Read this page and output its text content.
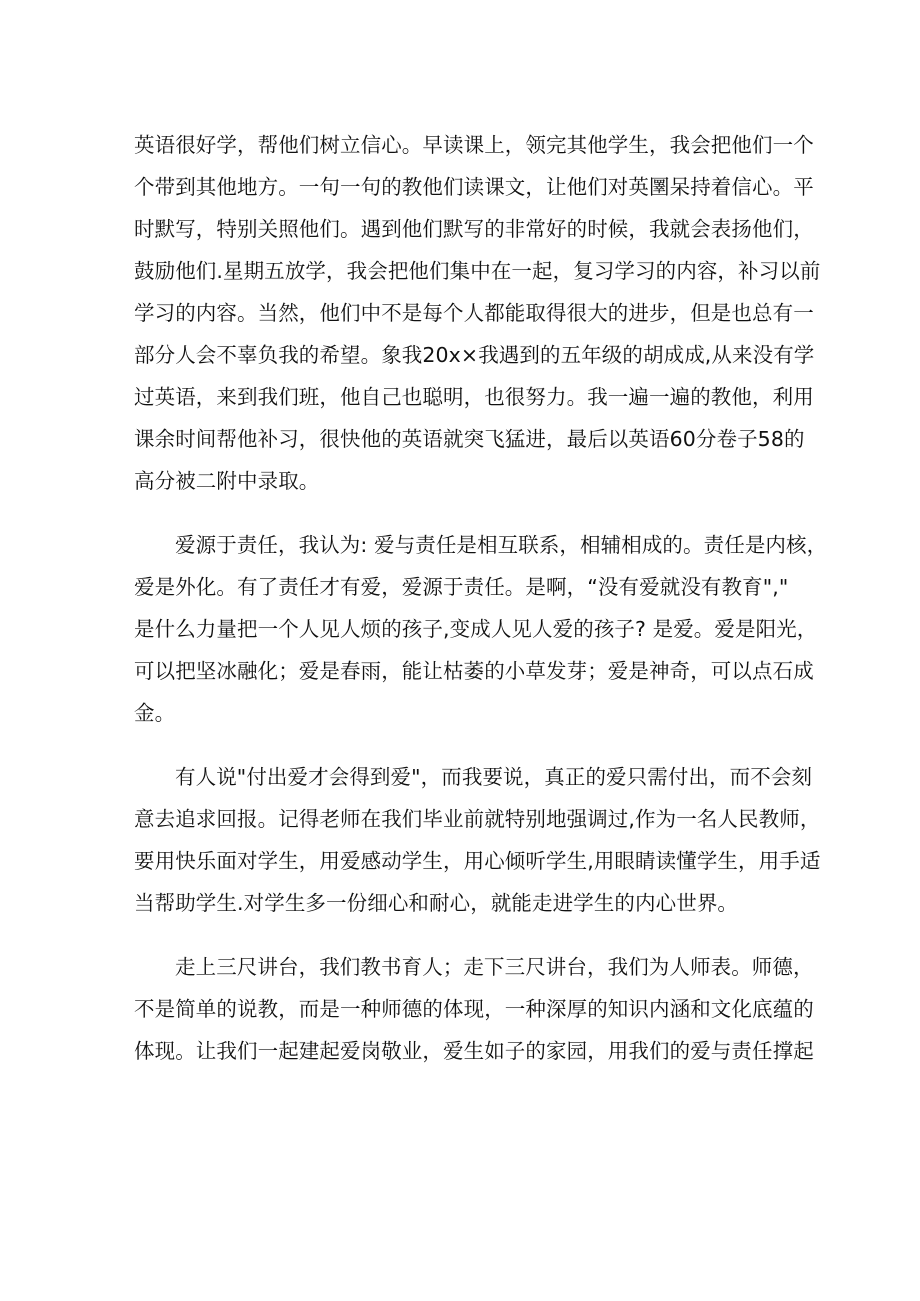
英语很好学，帮他们树立信心。早读课上，领完其他学生，我会把他们一个
个带到其他地方。一句一句的教他们读课文，让他们对英圛呆持着信心。平
时默写，特别关照他们。遇到他们默写的非常好的时候，我就会表扬他们，
鼓励他们.星期五放学，我会把他们集中在一起，复习学习的内容，补习以前
学习的内容。当然，他们中不是每个人都能取得很大的进步，但是也总有一
部分人会不辜负我的希望。象我20x×我遇到的五年级的胡成成,从来没有学
过英语，来到我们班，他自己也聪明，也很努力。我一遍一遍的教他，利用
课余时间帮他补习，很快他的英语就突飞猛进，最后以英语60分卷子58的
高分被二附中录取。
爱源于责任，我认为: 爱与责任是相互联系，相辅相成的。责任是内核，
爱是外化。有了责任才有爱，爱源于责任。是啊，“没有爱就没有教育","
是什么力量把一个人见人烦的孩子,变成人见人爱的孩子? 是爱。爱是阳光，
可以把坚冰融化；爱是春雨，能让枯萎的小草发芽；爱是神奇，可以点石成
金。
有人说"付出爱才会得到爱"，而我要说，真正的爱只需付出，而不会刻
意去追求回报。记得老师在我们毕业前就特别地强调过,作为一名人民教师，
要用快乐面对学生，用爱感动学生，用心倾听学生,用眼睛读懂学生，用手适
当帮助学生.对学生多一份细心和耐心，就能走进学生的内心世界。
走上三尺讲台，我们教书育人；走下三尺讲台，我们为人师表。师德，
不是简单的说教，而是一种师德的体现，一种深厚的知识内涵和文化底蕴的
体现。让我们一起建起爱岗敬业，爱生如子的家园，用我们的爱与责任撑起
